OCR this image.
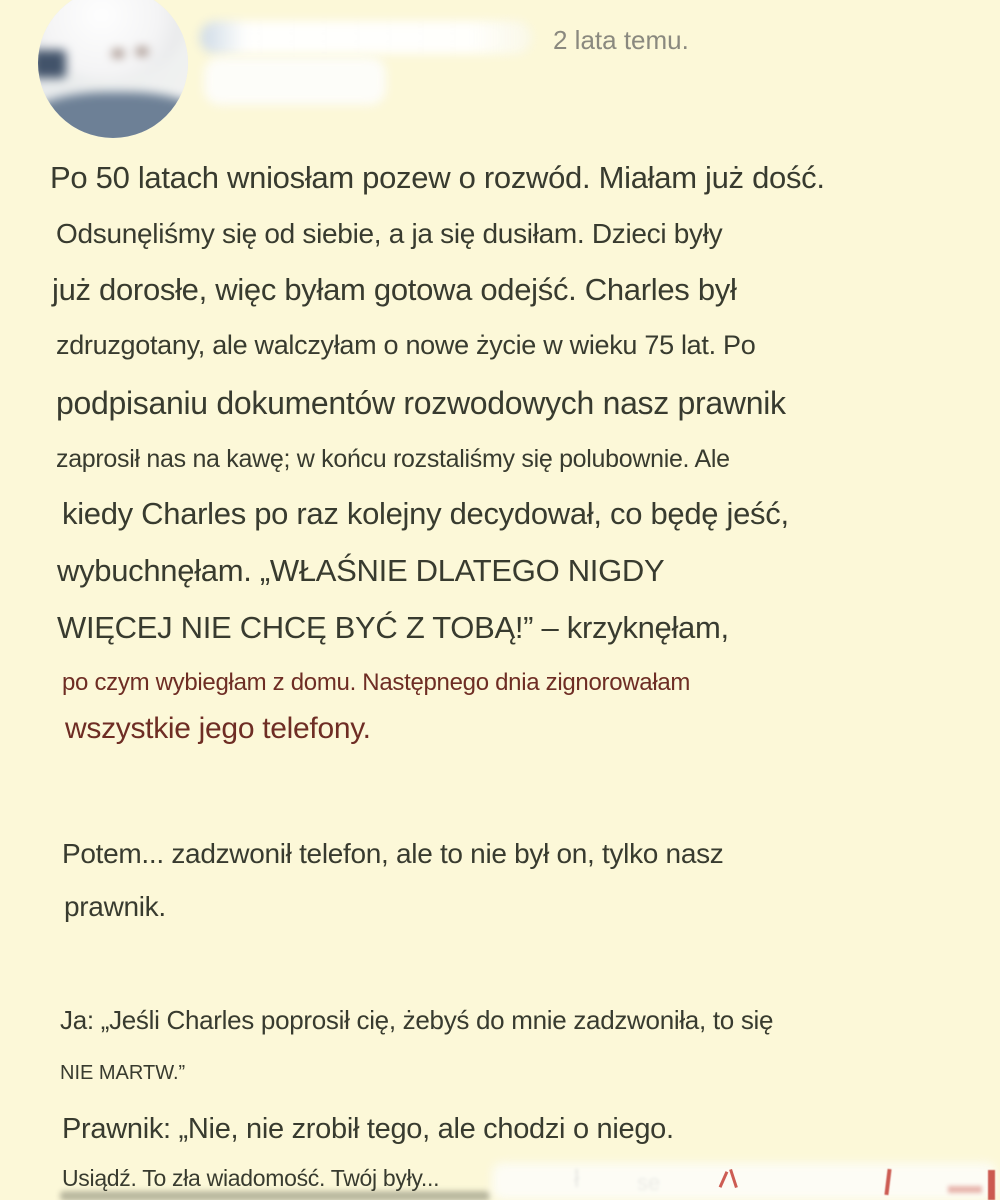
2 lata temu.
Po 50 latach wniosłam pozew o rozwód. Miałam już dość.
Odsunęliśmy się od siebie, a ja się dusiłam. Dzieci były
już dorosłe, więc byłam gotowa odejść. Charles był
zdruzgotany, ale walczyłam o nowe życie w wieku 75 lat. Po
podpisaniu dokumentów rozwodowych nasz prawnik
zaprosił nas na kawę; w końcu rozstaliśmy się polubownie. Ale
kiedy Charles po raz kolejny decydował, co będę jeść,
wybuchnęłam. „WŁAŚNIE DLATEGO NIGDY
WIĘCEJ NIE CHCĘ BYĆ Z TOBĄ!” – krzyknęłam,
po czym wybiegłam z domu. Następnego dnia zignorowałam
wszystkie jego telefony.
Potem... zadzwonił telefon, ale to nie był on, tylko nasz
prawnik.
Ja: „Jeśli Charles poprosił cię, żebyś do mnie zadzwoniła, to się
NIE MARTW.”
Prawnik: „Nie, nie zrobił tego, ale chodzi o niego.
Usiądź. To zła wiadomość. Twój były...
